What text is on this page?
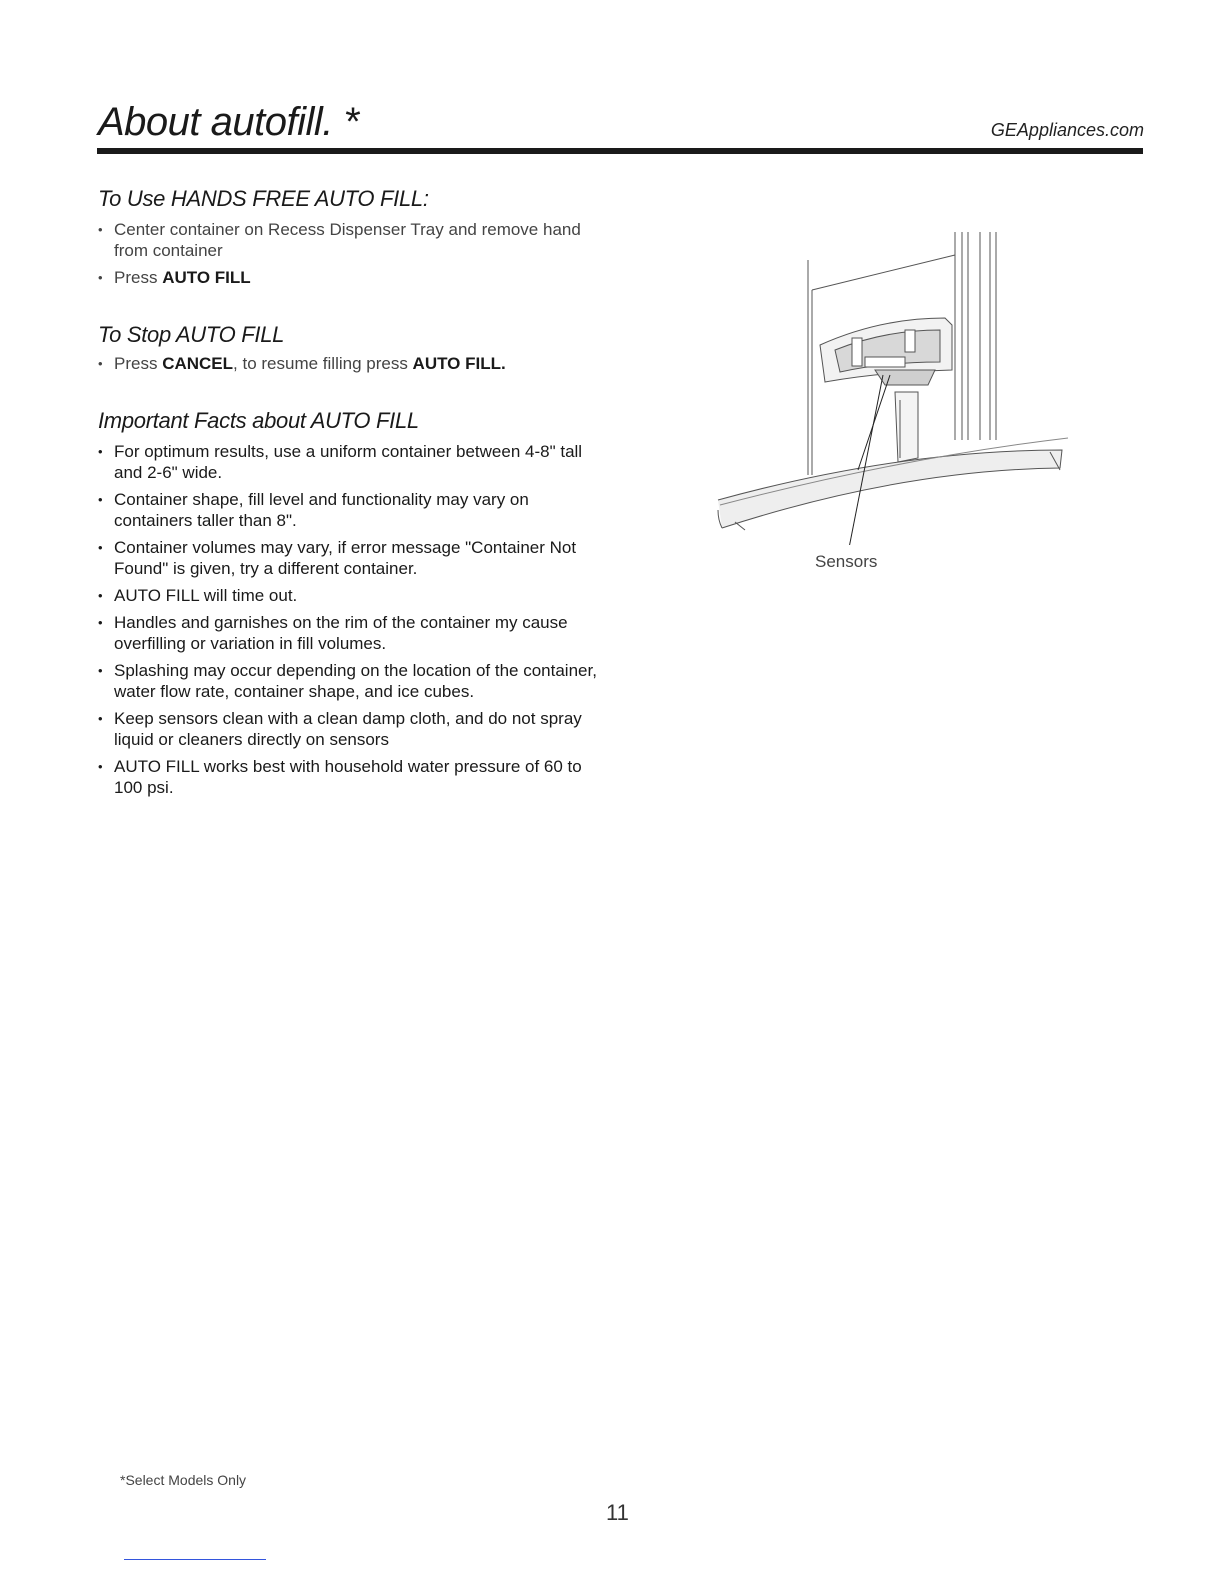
About autofill. *	GEAppliances.com
To Use HANDS FREE AUTO FILL:
• Center container on Recess Dispenser Tray and remove hand from container
• Press AUTO FILL
To Stop AUTO FILL
• Press CANCEL, to resume filling press AUTO FILL.
Important Facts about AUTO FILL
• For optimum results, use a uniform container between 4-8" tall and 2-6" wide.
• Container shape, fill level and functionality may vary on containers taller than 8".
• Container volumes may vary, if error message "Container Not Found" is given, try a different container.
• AUTO FILL will time out.
• Handles and garnishes on the rim of the container my cause overfilling or variation in fill volumes.
• Splashing may occur depending on the location of the container, water flow rate, container shape, and ice cubes.
• Keep sensors clean with a clean damp cloth, and do not spray liquid or cleaners directly on sensors
• AUTO FILL works best with household water pressure of 60 to 100 psi.
Sensors
*Select Models Only
11
